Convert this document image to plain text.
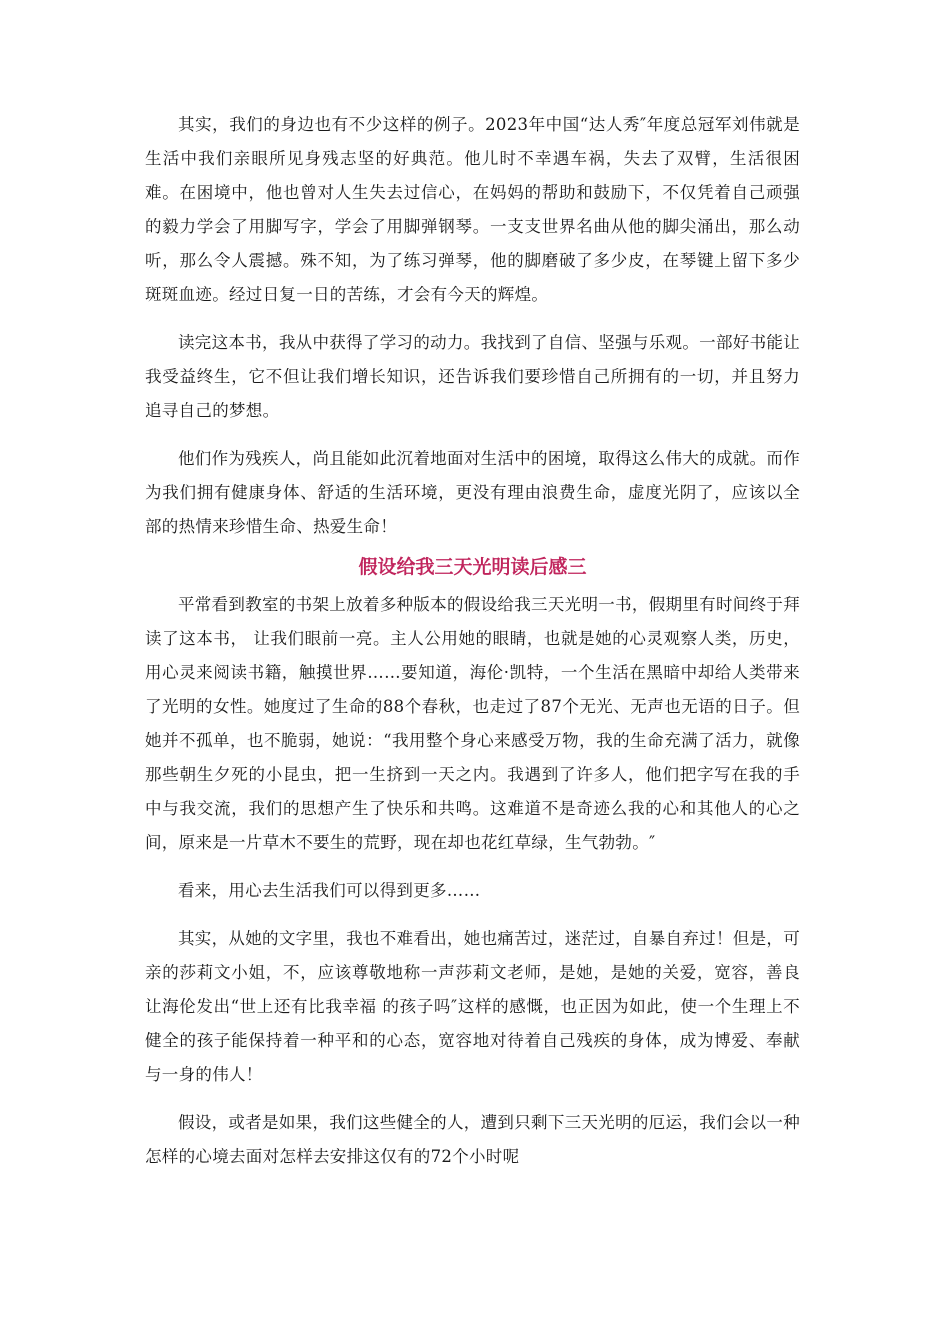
其实，我们的身边也有不少这样的例子。2023年中国“达人秀″年度总冠军刘伟就是生活中我们亲眼所见身残志坚的好典范。他儿时不幸遇车祸，失去了双臂，生活很困难。在困境中，他也曾对人生失去过信心，在妈妈的帮助和鼓励下，不仅凭着自己顽强的毅力学会了用脚写字，学会了用脚弹钢琴。一支支世界名曲从他的脚尖涌出，那么动听，那么令人震撼。殊不知，为了练习弹琴，他的脚磨破了多少皮，在琴键上留下多少斑斑血迹。经过日复一日的苦练，才会有今天的辉煌。

读完这本书，我从中获得了学习的动力。我找到了自信、坚强与乐观。一部好书能让我受益终生，它不但让我们增长知识，还告诉我们要珍惜自己所拥有的一切，并且努力追寻自己的梦想。

他们作为残疾人，尚且能如此沉着地面对生活中的困境，取得这么伟大的成就。而作为我们拥有健康身体、舒适的生活环境，更没有理由浪费生命，虚度光阴了，应该以全部的热情来珍惜生命、热爱生命！

假设给我三天光明读后感三

平常看到教室的书架上放着多种版本的假设给我三天光明一书，假期里有时间终于拜读了这本书， 让我们眼前一亮。主人公用她的眼睛，也就是她的心灵观察人类，历史，用心灵来阅读书籍，触摸世界……要知道，海伦·凯特，一个生活在黑暗中却给人类带来了光明的女性。她度过了生命的88个春秋，也走过了87个无光、无声也无语的日子。但她并不孤单，也不脆弱，她说：“我用整个身心来感受万物，我的生命充满了活力，就像那些朝生夕死的小昆虫，把一生挤到一天之内。我遇到了许多人，他们把字写在我的手中与我交流，我们的思想产生了快乐和共鸣。这难道不是奇迹么我的心和其他人的心之间，原来是一片草木不要生的荒野，现在却也花红草绿，生气勃勃。″

看来，用心去生活我们可以得到更多……

其实，从她的文字里，我也不难看出，她也痛苦过，迷茫过，自暴自弃过！但是，可亲的莎莉文小姐，不，应该尊敬地称一声莎莉文老师，是她，是她的关爱，宽容，善良让海伦发出“世上还有比我幸福 的孩子吗″这样的感慨，也正因为如此，使一个生理上不健全的孩子能保持着一种平和的心态，宽容地对待着自己残疾的身体，成为博爱、奉献与一身的伟人！

假设，或者是如果，我们这些健全的人，遭到只剩下三天光明的厄运，我们会以一种怎样的心境去面对怎样去安排这仅有的72个小时呢
